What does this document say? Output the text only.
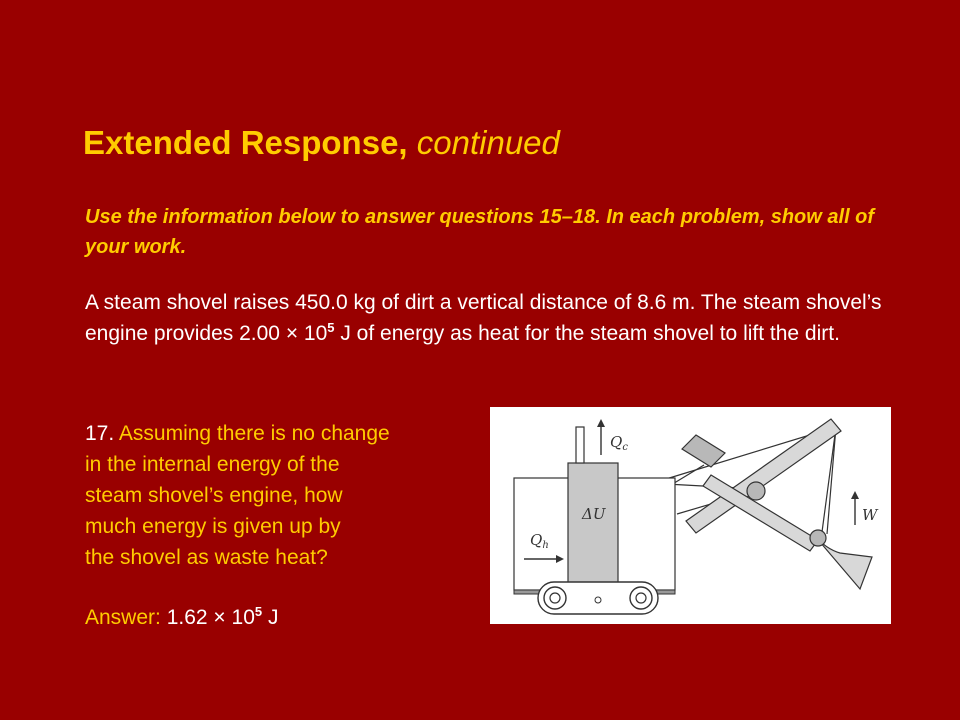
Extended Response, continued
Use the information below to answer questions 15–18. In each problem, show all of your work.
A steam shovel raises 450.0 kg of dirt a vertical distance of 8.6 m. The steam shovel’s engine provides $2.00 \times 10^5$ J of energy as heat for the steam shovel to lift the dirt.
17. Assuming there is no change
in the internal energy of the
steam shovel’s engine, how
much energy is given up by
the shovel as waste heat?
Answer: $1.62 \times 10^5$ J
$Q_c$
ΔU
$Q_h$
W
